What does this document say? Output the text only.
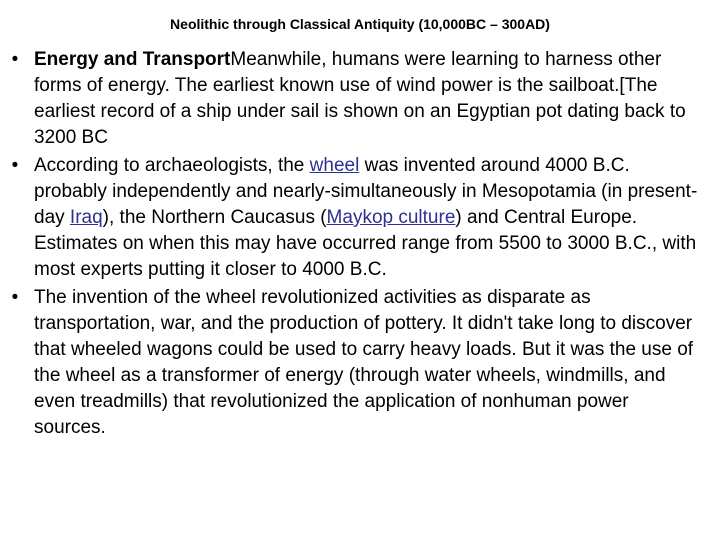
Neolithic through Classical Antiquity (10,000BC – 300AD)
• Energy and TransportMeanwhile, humans were learning to harness other forms of energy. The earliest known use of wind power is the sailboat.[The earliest record of a ship under sail is shown on an Egyptian pot dating back to 3200 BC
• According to archaeologists, the wheel was invented around 4000 B.C. probably independently and nearly-simultaneously in Mesopotamia (in present-day Iraq), the Northern Caucasus (Maykop culture) and Central Europe. Estimates on when this may have occurred range from 5500 to 3000 B.C., with most experts putting it closer to 4000 B.C.
• The invention of the wheel revolutionized activities as disparate as transportation, war, and the production of pottery. It didn't take long to discover that wheeled wagons could be used to carry heavy loads. But it was the use of the wheel as a transformer of energy (through water wheels, windmills, and even treadmills) that revolutionized the application of nonhuman power sources.
